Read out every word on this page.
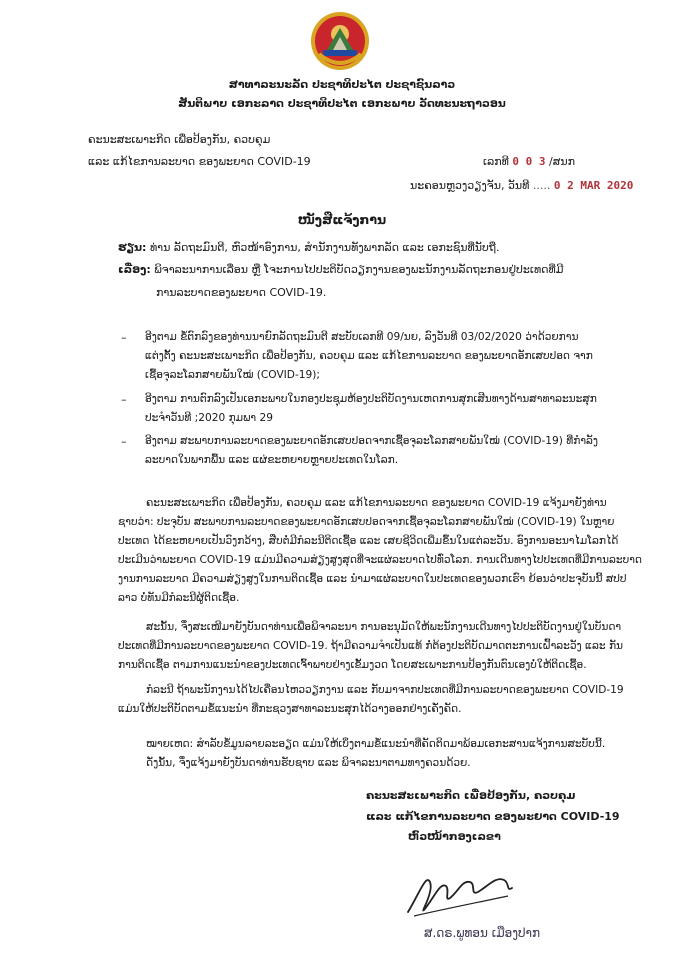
ສາທາລະນະລັດ ປະຊາທິປະໄຕ ປະຊາຊົນລາວ
ສັນຕິພາບ ເອກະລາດ ປະຊາທິປະໄຕ ເອກະພາບ ວັດທະນະຖາວອນ
ຄະນະສະເພາະກິດ ເພື່ອປ້ອງກັນ, ຄວບຄຸມ
ແລະ ແກ້ໄຂການລະບາດ ຂອງພະຍາດ COVID-19	ເລກທີ 0 0 3 /ສນກ
ນະຄອນຫຼວງວຽງຈັນ, ວັນທີ ..... 0 2 MAR 2020
ໜັງສືແຈ້ງການ
ຮຽນ: ທ່ານ ລັດຖະມົນຕີ, ຫົວໜ້າອົງການ, ສໍານັກງານທັງພາກລັດ ແລະ ເອກະຊົນທີ່ນັບຖື.
ເລື່ອງ: ພິຈາລະນາການເລື່ອນ ຫຼື ໂຈະການໄປປະຕິບັດວຽກງານຂອງພະນັກງານລັດຖະກອນຢູ່ປະເທດທີ່ມີ
ການລະບາດຂອງພະຍາດ COVID-19.
– ອີງຕາມ ຂໍ້ຕົກລົງຂອງທ່ານນາຍົກລັດຖະມົນຕີ ສະບັບເລກທີ 09/ນຍ, ລົງວັນທີ 03/02/2020 ວ່າດ້ວຍການ
ແຕ່ງຕັ້ງ ຄະນະສະເພາະກິດ ເພື່ອປ້ອງກັນ, ຄວບຄຸມ ແລະ ແກ້ໄຂການລະບາດ ຂອງພະຍາດອັກເສບປອດ ຈາກ
ເຊື້ອຈຸລະໂລກສາຍພັນໃໝ່ (COVID-19);
– ອີງຕາມ ການຕົກລົງເປັນເອກະພາບໃນກອງປະຊຸມຫ້ອງປະຕິບັດງານເຫດການສຸກເສີນທາງດ້ານສາທາລະນະສຸກ
ປະຈໍາວັນທີ ;2020 ກຸມພາ 29
– ອີງຕາມ ສະພາບການລະບາດຂອງພະຍາດອັກເສບປອດຈາກເຊື້ອຈຸລະໂລກສາຍພັນໃໝ່ (COVID-19) ທີ່ກໍາລັງ
ລະບາດໃນພາກພື້ນ ແລະ ແຜ່ຂະຫຍາຍຫຼາຍປະເທດໃນໂລກ.
ຄະນະສະເພາະກິດ ເພື່ອປ້ອງກັນ, ຄວບຄຸມ ແລະ ແກ້ໄຂການລະບາດ ຂອງພະຍາດ COVID-19 ແຈ້ງມາຍັງທ່ານ
ຊາບວ່າ: ປະຈຸບັນ ສະພາບການລະບາດຂອງພະຍາດອັກເສບປອດຈາກເຊື້ອຈຸລະໂລກສາຍພັນໃໝ່ (COVID-19) ໃນຫຼາຍ
ປະເທດ ໄດ້ຂະຫຍາຍເປັນວົງກວ້າງ, ສືບຕໍ່ມີກໍລະນີຕິດເຊື້ອ ແລະ ເສຍຊີວິດເພີ່ມຂຶ້ນໃນແຕ່ລະວັນ. ອົງການອະນາໄມໂລກໄດ້
ປະເມີນວ່າພະຍາດ COVID-19 ແມ່ນມີຄວາມສ່ຽງສູງສຸດທີ່ຈະແຜ່ລະບາດໄປທົ່ວໂລກ. ການເດີນທາງໄປປະເທດທີ່ມີການລະບາດ
ງານການລະບາດ ມີຄວາມສ່ຽງສູງໃນການຕິດເຊື້ອ ແລະ ນໍາມາແຜ່ລະບາດໃນປະເທດຂອງພວກເຮົາ ຍ້ອນວ່າປະຈຸບັນນີ້ ສປປ
ລາວ ບໍ່ທັນມີກໍລະນີຜູ້ຕິດເຊື້ອ.
ສະນັ້ນ, ຈຶ່ງສະເໜີມາຍັງບັນດາທ່ານເພື່ອພິຈາລະນາ ການອະນຸມັດໃຫ້ພະນັກງານເດີນທາງໄປປະຕິບັດງານຢູ່ໃນບັນດາ
ປະເທດທີ່ມີການລະບາດຂອງພະຍາດ COVID-19. ຖ້າມີຄວາມຈໍາເປັນແທ້ ກໍ່ຕ້ອງປະຕິບັດມາດຕະການເຝົ້າລະວັງ ແລະ ກັນ
ການຕິດເຊື້ອ ຕາມການແນະນໍາຂອງປະເທດເຈົ້າພາບຢ່າງເຂັ້ມງວດ ໂດຍສະເພາະການປ້ອງກັນຕົນເອງບໍ່ໃຫ້ຕິດເຊື້ອ.
ກໍລະນີ ຖ້າພະນັກງານໄດ້ໄປເຄື່ອນໄຫວວຽກງານ ແລະ ກັບມາຈາກປະເທດທີ່ມີການລະບາດຂອງພະຍາດ COVID-19
ແມ່ນໃຫ້ປະຕິບັດຕາມຂໍ້ແນະນໍາ ທີ່ກະຊວງສາທາລະນະສຸກໄດ້ວາງອອກຢ່າງເຄັ່ງຄັດ.
ໝາຍເຫດ: ສໍາລັບຂໍ້ມູນລາຍລະອຽດ ແມ່ນໃຫ້ເບິ່ງຕາມຂໍ້ແນະນໍາທີ່ຄັດຕິດມາພ້ອມເອກະສານແຈ້ງການສະບັບນີ້.
ດັ່ງນັ້ນ, ຈຶ່ງແຈ້ງມາຍັງບັນດາທ່ານຮັບຊາບ ແລະ ພິຈາລະນາຕາມທາງຄວນດ້ວຍ.
ຄະນະສະເພາະກິດ ເພື່ອປ້ອງກັນ, ຄວບຄຸມ
ແລະ ແກ້ໄຂການລະບາດ ຂອງພະຍາດ COVID-19
ຫົວໜ້າກອງເລຂາ
ສ.ດຣ.ພູທອນ ເມືອງປາກ
